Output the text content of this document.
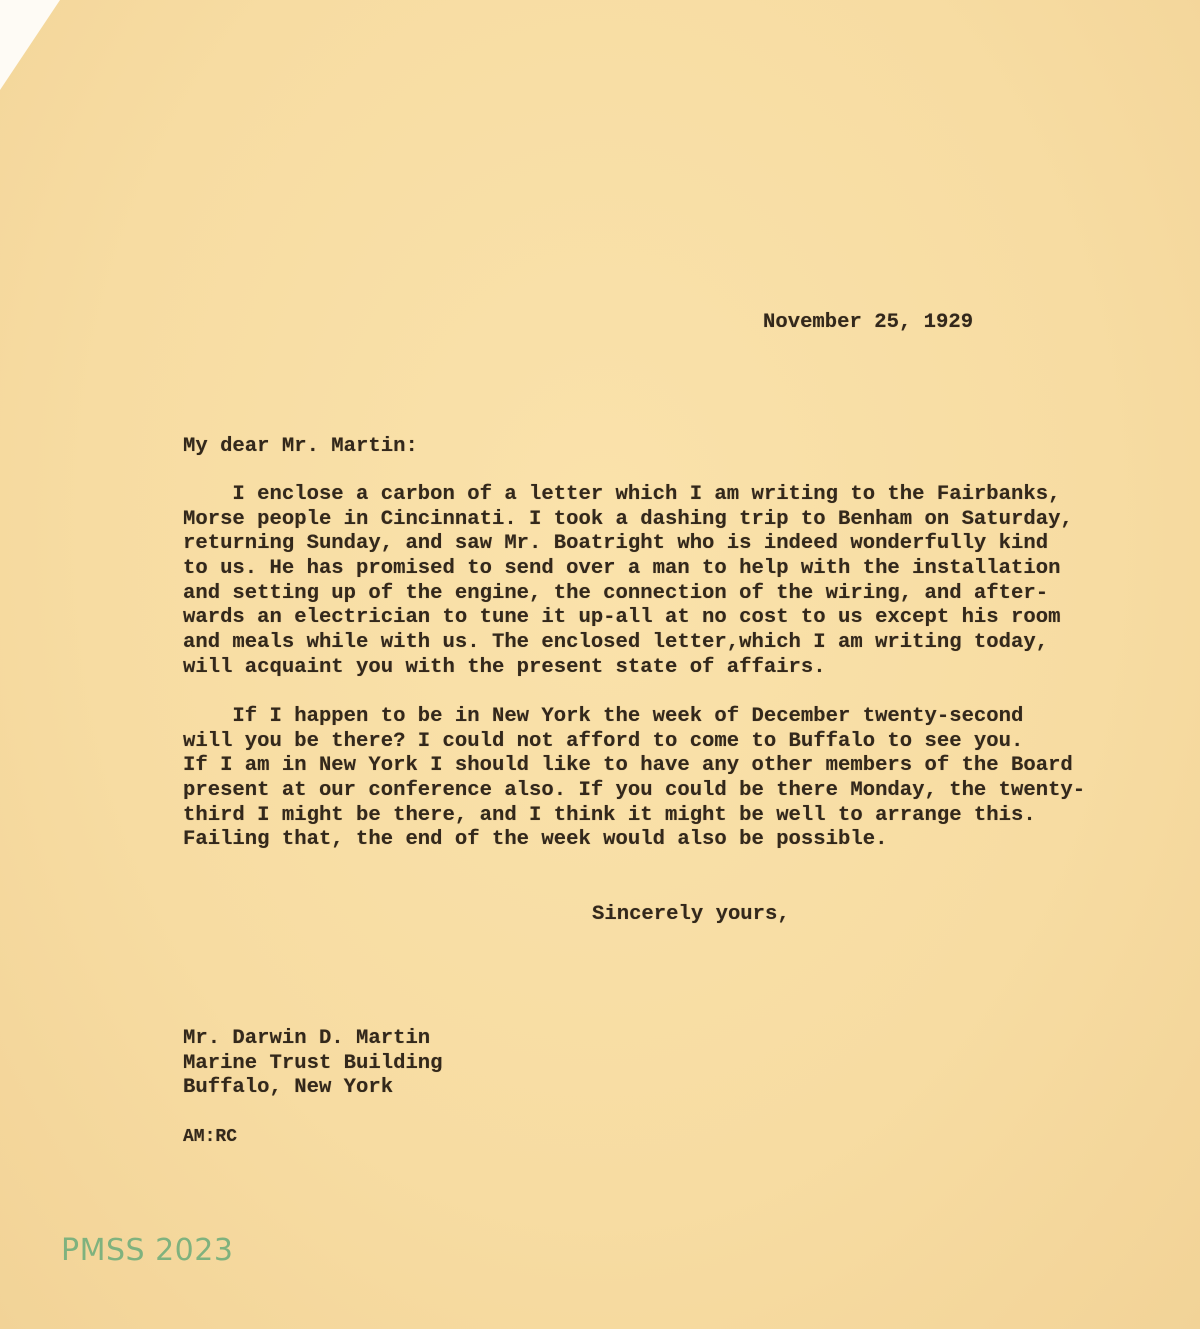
November 25, 1929
My dear Mr. Martin:
I enclose a carbon of a letter which I am writing to the Fairbanks,
Morse people in Cincinnati. I took a dashing trip to Benham on Saturday,
returning Sunday, and saw Mr. Boatright who is indeed wonderfully kind
to us. He has promised to send over a man to help with the installation
and setting up of the engine, the connection of the wiring, and after-
wards an electrician to tune it up-all at no cost to us except his room
and meals while with us. The enclosed letter,which I am writing today,
will acquaint you with the present state of affairs.
If I happen to be in New York the week of December twenty-second
will you be there? I could not afford to come to Buffalo to see you.
If I am in New York I should like to have any other members of the Board
present at our conference also. If you could be there Monday, the twenty-
third I might be there, and I think it might be well to arrange this.
Failing that, the end of the week would also be possible.
Sincerely yours,
Mr. Darwin D. Martin
Marine Trust Building
Buffalo, New York
AM:RC
PMSS 2023
